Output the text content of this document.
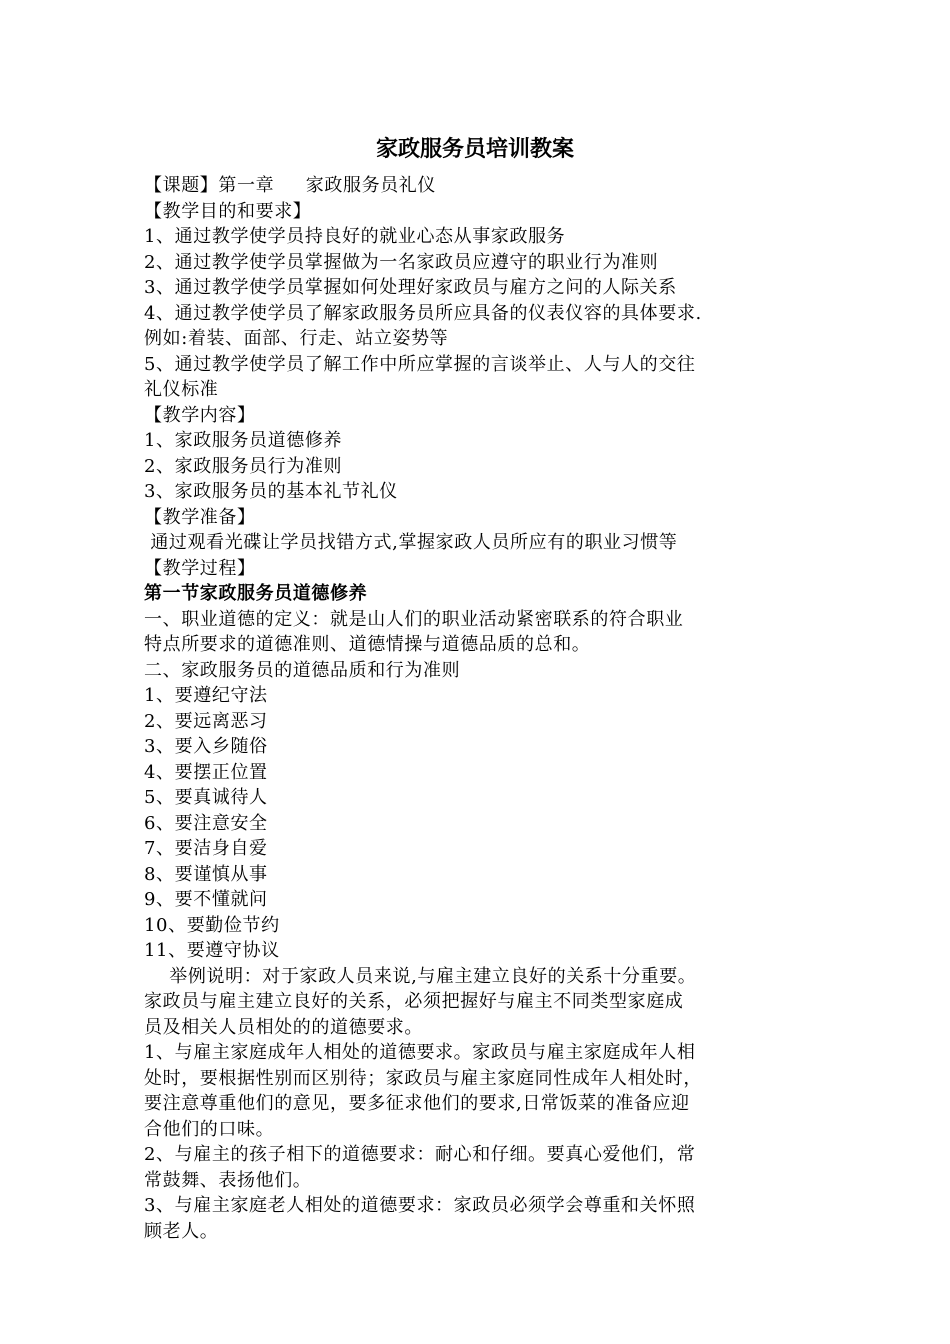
家政服务员培训教案
【课题】第一章     家政服务员礼仪
【教学目的和要求】
1、通过教学使学员持良好的就业心态从事家政服务
2、通过教学使学员掌握做为一名家政员应遵守的职业行为准则
3、通过教学使学员掌握如何处理好家政员与雇方之问的人际关系
4、通过教学使学员了解家政服务员所应具备的仪表仪容的具体要求.
例如:着装、面部、行走、站立姿势等
5、通过教学使学员了解工作中所应掌握的言谈举止、人与人的交往
礼仪标准
【教学内容】
1、家政服务员道德修养
2、家政服务员行为准则
3、家政服务员的基本礼节礼仪
【教学准备】
通过观看光碟让学员找错方式,掌握家政人员所应有的职业习惯等
【教学过程】
第一节家政服务员道德修养
一、职业道德的定义：就是山人们的职业活动紧密联系的符合职业
特点所要求的道德准则、道德情操与道德品质的总和。
二、家政服务员的道德品质和行为准则
1、要遵纪守法
2、要远离恶习
3、要入乡随俗
4、要摆正位置
5、要真诚待人
6、要注意安全
7、要洁身自爱
8、要谨慎从事
9、要不懂就问
10、要勤俭节约
11、要遵守协议
举例说明：对于家政人员来说,与雇主建立良好的关系十分重要。
家政员与雇主建立良好的关系，必须把握好与雇主不同类型家庭成
员及相关人员相处的的道德要求。
1、与雇主家庭成年人相处的道德要求。家政员与雇主家庭成年人相
处时，要根据性别而区别待；家政员与雇主家庭同性成年人相处时，
要注意尊重他们的意见，要多征求他们的要求,日常饭菜的准备应迎
合他们的口味。
2、与雇主的孩子相下的道德要求：耐心和仔细。要真心爱他们，常
常鼓舞、表扬他们。
3、与雇主家庭老人相处的道德要求：家政员必须学会尊重和关怀照
顾老人。
